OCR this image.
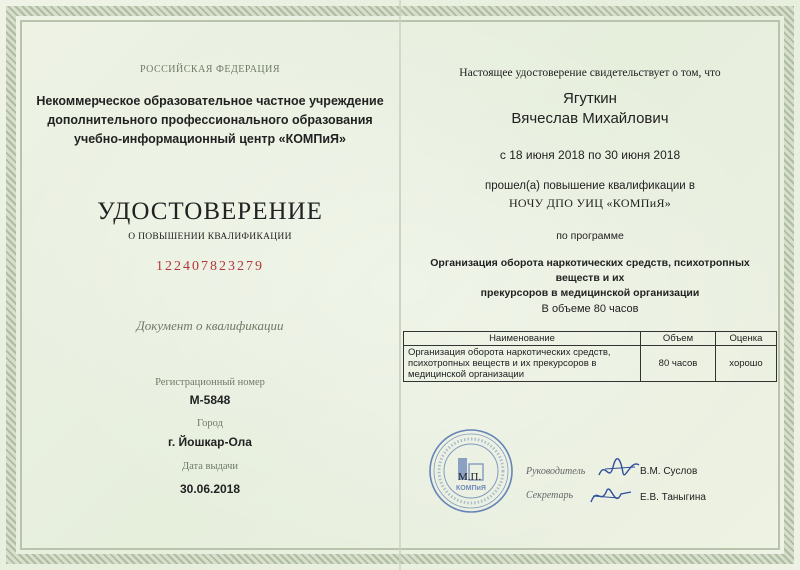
РОССИЙСКАЯ ФЕДЕРАЦИЯ
Некоммерческое образовательное частное учреждение
дополнительного профессионального образования
учебно-информационный центр «КОМПиЯ»
УДОСТОВЕРЕНИЕ
О ПОВЫШЕНИИ КВАЛИФИКАЦИИ
122407823279
Документ о квалификации
Регистрационный номер
М-5848
Город
г. Йошкар-Ола
Дата выдачи
30.06.2018
Настоящее удостоверение свидетельствует о том, что
Ягуткин
Вячеслав Михайлович
с 18 июня 2018 по 30 июня 2018
прошел(а) повышение квалификации в
НОЧУ ДПО УИЦ «КОМПиЯ»
по программе
Организация оборота наркотических средств, психотропных веществ и их
прекурсоров в медицинской организации
В объеме 80 часов
Наименование	Объем	Оценка

Организация оборота наркотических средств,
психотропных веществ и их прекурсоров в
медицинской организации	80 часов	хорошо
КОМПиЯ
М.П.	Руководитель	В.М. Суслов
Секретарь	Е.В. Таныгина
